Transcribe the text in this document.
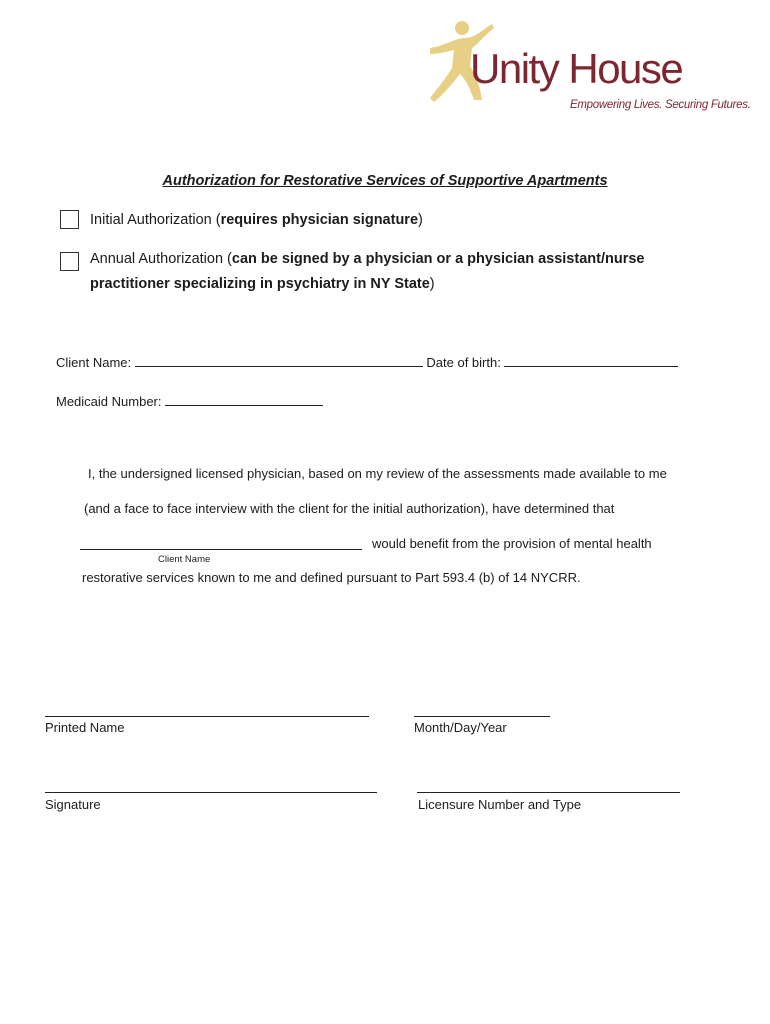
Unity House
Empowering Lives. Securing Futures.
Authorization for Restorative Services of Supportive Apartments
Initial Authorization (requires physician signature)
Annual Authorization (can be signed by a physician or a physician assistant/nurse
practitioner specializing in psychiatry in NY State)
Client Name:	Date of birth:
Medicaid Number:
I, the undersigned licensed physician, based on my review of the assessments made available to me
(and a face to face interview with the client for the initial authorization), have determined that
would benefit from the provision of mental health
Client Name
restorative services known to me and defined pursuant to Part 593.4 (b) of 14 NYCRR.
Printed Name	Month/Day/Year
Signature	Licensure Number and Type
